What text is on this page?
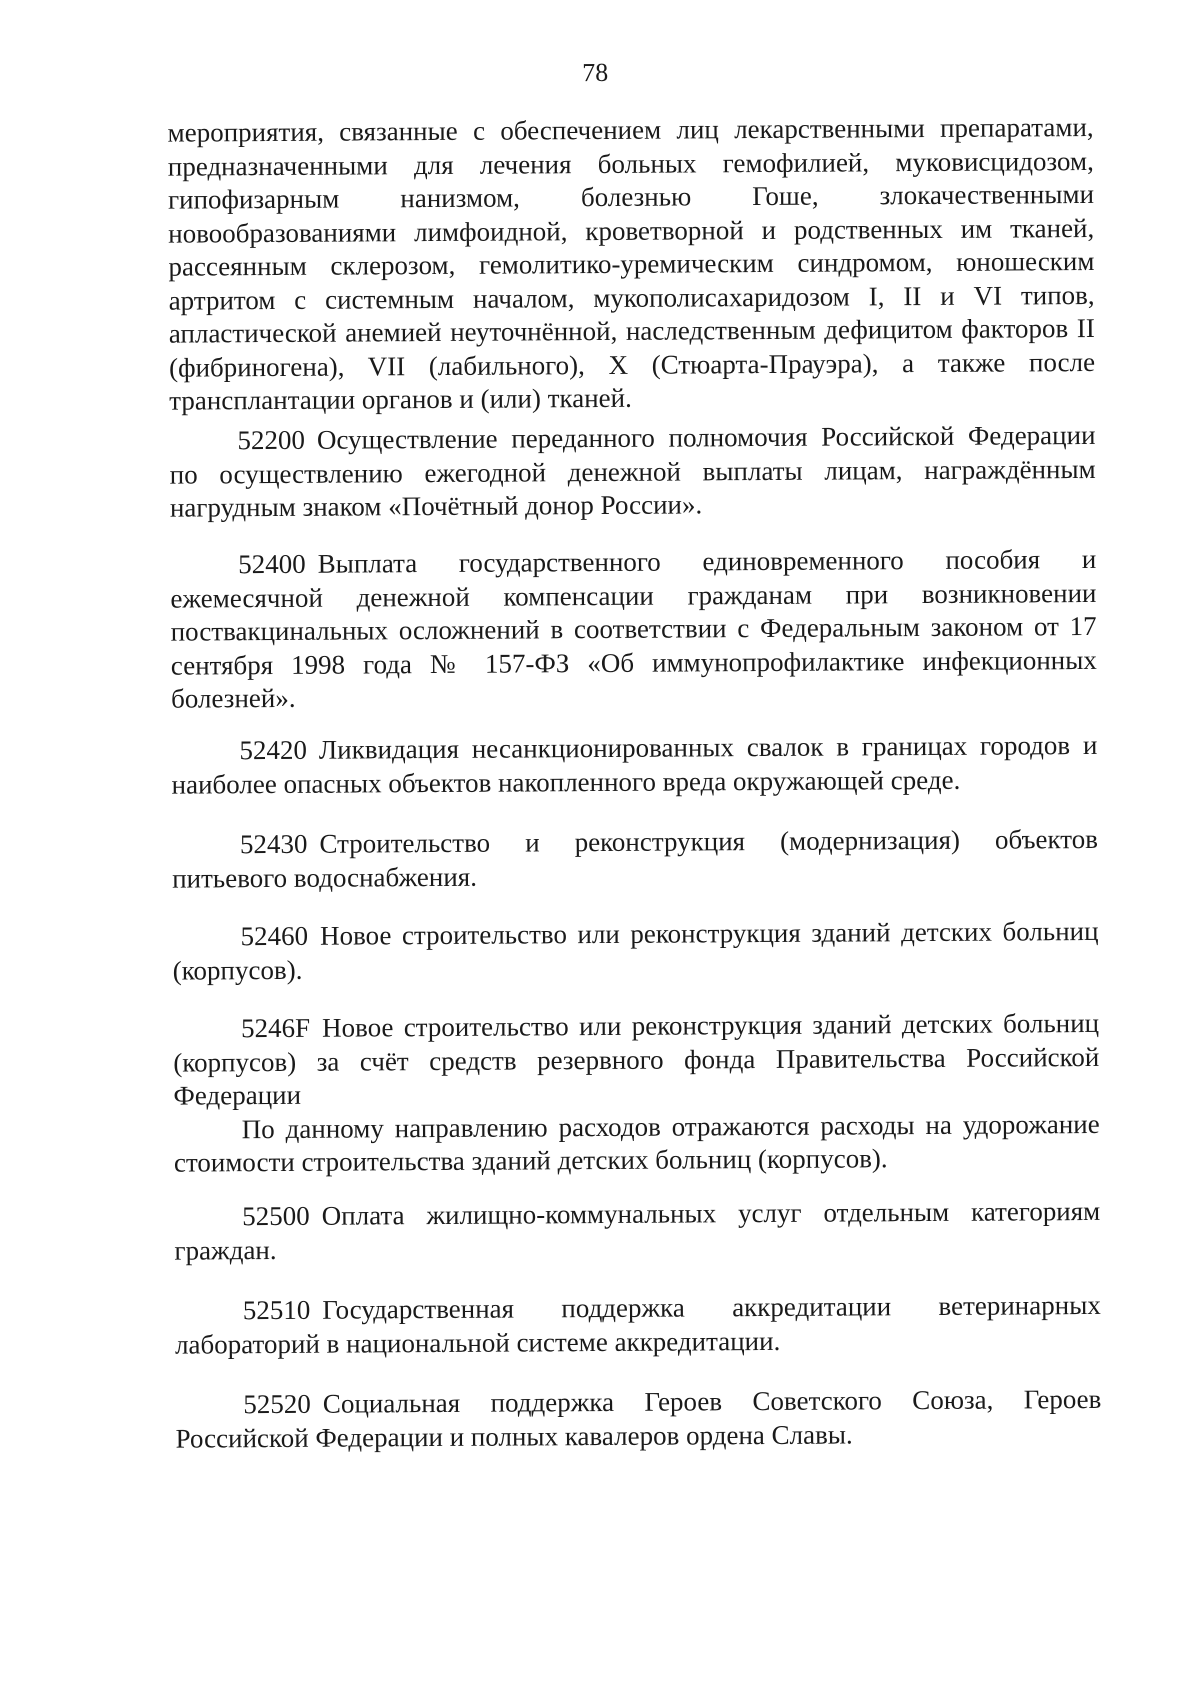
78

мероприятия, связанные с обеспечением лиц лекарственными препаратами, предназначенными для лечения больных гемофилией, муковисцидозом, гипофизарным нанизмом, болезнью Гоше, злокачественными новообразованиями лимфоидной, кроветворной и родственных им тканей, рассеянным склерозом, гемолитико-уремическим синдромом, юношеским артритом с системным началом, мукополисахаридозом I, II и VI типов, апластической анемией неуточнённой, наследственным дефицитом факторов II (фибриногена), VII (лабильного), X (Стюарта-Прауэра), а также после трансплантации органов и (или) тканей.

52200 Осуществление переданного полномочия Российской Федерации по осуществлению ежегодной денежной выплаты лицам, награждённым нагрудным знаком «Почётный донор России».

52400 Выплата государственного единовременного пособия и ежемесячной денежной компенсации гражданам при возникновении поствакцинальных осложнений в соответствии с Федеральным законом от 17 сентября 1998 года № 157-ФЗ «Об иммунопрофилактике инфекционных болезней».

52420 Ликвидация несанкционированных свалок в границах городов и наиболее опасных объектов накопленного вреда окружающей среде.

52430 Строительство и реконструкция (модернизация) объектов питьевого водоснабжения.

52460 Новое строительство или реконструкция зданий детских больниц (корпусов).

5246F Новое строительство или реконструкция зданий детских больниц (корпусов) за счёт средств резервного фонда Правительства Российской Федерации

По данному направлению расходов отражаются расходы на удорожание стоимости строительства зданий детских больниц (корпусов).

52500 Оплата жилищно-коммунальных услуг отдельным категориям граждан.

52510 Государственная поддержка аккредитации ветеринарных лабораторий в национальной системе аккредитации.

52520 Социальная поддержка Героев Советского Союза, Героев Российской Федерации и полных кавалеров ордена Славы.
